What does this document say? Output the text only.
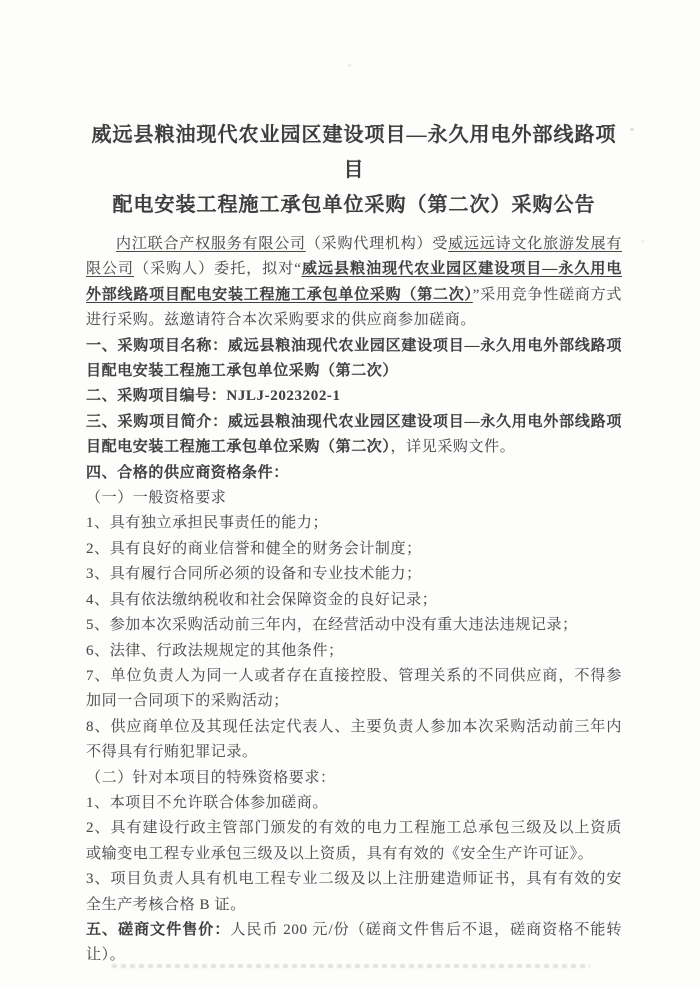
威远县粮油现代农业园区建设项目—永久用电外部线路项目
配电安装工程施工承包单位采购（第二次）采购公告

内江联合产权服务有限公司（采购代理机构）受威远远诗文化旅游发展有限公司（采购人）委托，拟对“威远县粮油现代农业园区建设项目—永久用电外部线路项目配电安装工程施工承包单位采购（第二次）”采用竞争性磋商方式进行采购。兹邀请符合本次采购要求的供应商参加磋商。

一、采购项目名称：威远县粮油现代农业园区建设项目—永久用电外部线路项目配电安装工程施工承包单位采购（第二次）

二、采购项目编号：NJLJ-2023202-1

三、采购项目简介：威远县粮油现代农业园区建设项目—永久用电外部线路项目配电安装工程施工承包单位采购（第二次），详见采购文件。

四、合格的供应商资格条件：

（一）一般资格要求

1、具有独立承担民事责任的能力；

2、具有良好的商业信誉和健全的财务会计制度；

3、具有履行合同所必须的设备和专业技术能力；

4、具有依法缴纳税收和社会保障资金的良好记录；

5、参加本次采购活动前三年内，在经营活动中没有重大违法违规记录；

6、法律、行政法规规定的其他条件；

7、单位负责人为同一人或者存在直接控股、管理关系的不同供应商，不得参加同一合同项下的采购活动；

8、供应商单位及其现任法定代表人、主要负责人参加本次采购活动前三年内不得具有行贿犯罪记录。

（二）针对本项目的特殊资格要求：

1、本项目不允许联合体参加磋商。

2、具有建设行政主管部门颁发的有效的电力工程施工总承包三级及以上资质或输变电工程专业承包三级及以上资质，具有有效的《安全生产许可证》。

3、项目负责人具有机电工程专业二级及以上注册建造师证书，具有有效的安全生产考核合格 B 证。

五、磋商文件售价：人民币 200 元/份（磋商文件售后不退，磋商资格不能转让）。
